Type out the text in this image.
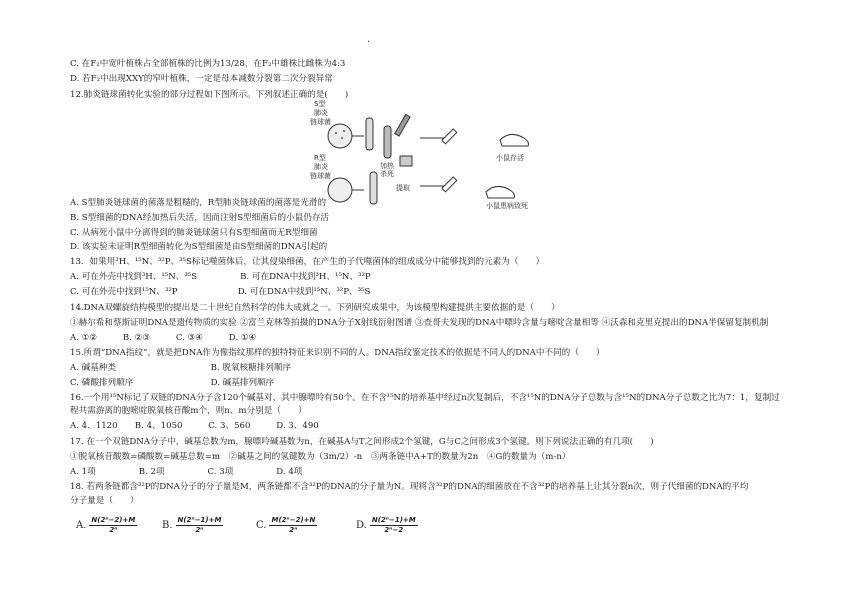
.
C. 在F₂中宽叶植株占全部植株的比例为13/28，在F₂中雄株比雌株为4:3
D. 若F₂中出现XXY的窄叶植株，一定是母本减数分裂第二次分裂异常
12.肺炎链球菌转化实验的部分过程如下图所示。下列叙述正确的是(　　)
S型
肺炎
链球菌
加热
杀死
小鼠存活
R型
肺炎
链球菌
提取
小鼠患病致死
A. S型肺炎链球菌的菌落是粗糙的，R型肺炎链球菌的菌落是光滑的
B. S型细菌的DNA经加热后失活，因而注射S型细菌后的小鼠仍存活
C. 从病死小鼠中分离得到的肺炎链球菌只有S型细菌而无R型细菌
D. 该实验未证明R型细菌转化为S型细菌是由S型细菌的DNA引起的
13．如果用³H、¹⁵N、³²P、³⁵S标记噬菌体后，让其侵染细菌，在产生的子代噬菌体的组成成分中能够找到的元素为（　　）
A. 可在外壳中找到³H、¹⁵N、³⁵S　　　　　B. 可在DNA中找到³H、¹⁵N、³²P
C. 可在外壳中找到¹⁵N、³²P　　　　　　　D. 可在DNA中找到¹⁵N、³²P、³⁵S
14.DNA双螺旋结构模型的提出是二十世纪自然科学的伟大成就之一。下列研究成果中，为该模型构建提供主要依据的是（　　）
①赫尔希和蔡斯证明DNA是遗传物质的实验 ②富兰克林等拍摄的DNA分子X射线衍射图谱 ③查哥夫发现的DNA中嘌呤含量与嘧啶含量相等 ④沃森和克里克提出的DNA半保留复制机制
A. ①②　　　B. ②③　　　C. ③④　　　D. ①④
15.所谓“DNA指纹”，就是把DNA作为像指纹那样的独特特征来识别不同的人。DNA指纹鉴定技术的依据是不同人的DNA中不同的（　　）
A. 碱基种类　　　　　　　　　　　B. 脱氧核糖排列顺序
C. 磷酸排列顺序　　　　　　　　　D. 碱基排列顺序
16.一个用¹⁵N标记了双链的DNA分子含120个碱基对，其中腺嘌呤有50个。在不含¹⁵N的培养基中经过n次复制后，不含¹⁵N的DNA分子总数与含¹⁵N的DNA分子总数之比为7：1，复制过
程共需游离的胞嘧啶脱氧核苷酸m个，则n、m分别是（　　）
A. 4、1120　　B. 4、1050　　　C. 3、560　　　D. 3、490
17. 在一个双链DNA分子中，碱基总数为m，腺嘌呤碱基数为n，在碱基A与T之间形成2个氢键，G与C之间形成3个氢键。则下列说法正确的有几项(　　)
①脱氧核苷酸数=磷酸数=碱基总数=m　②碱基之间的氢键数为（3m/2）-n　③两条链中A+T的数量为2n　④G的数量为（m-n）
A. 1项　　　　　B. 2项　　　　　C. 3项　　　　　D. 4项
18. 若两条链都含³²P的DNA分子的分子量是M，两条链都不含³²P的DNA的分子量为N。现将含³²P的DNA的细菌放在不含³²P的培养基上让其分裂n次，则子代细菌的DNA的平均
分子量是（　　）
A. $\frac{\text{N(2ⁿ−2)+M}}{\text{2ⁿ}} B$. $\frac{\text{N(2ⁿ−1)+M}}{\text{2ⁿ}}$	C. $\frac{\text{M(2ⁿ−2)+N}}{\text{2ⁿ}}$	D. $\frac{\text{N(2ⁿ−1)+M}}{\text{2ⁿ−2}}$
